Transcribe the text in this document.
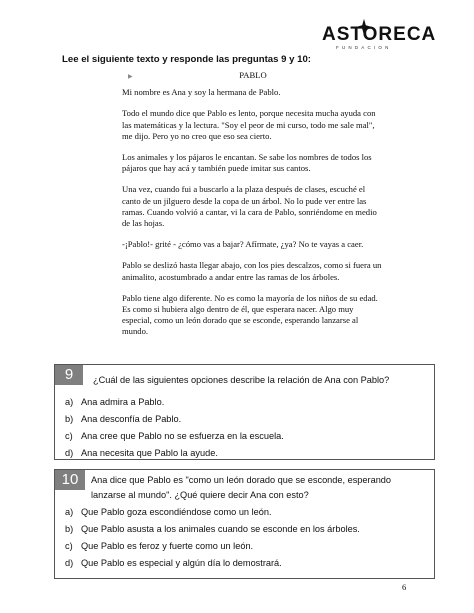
ASTORECA
FUNDACION
Lee el siguiente texto y responde las preguntas 9 y 10:
▶	PABLO

Mi nombre es Ana y soy la hermana de Pablo.

Todo el mundo dice que Pablo es lento, porque necesita mucha ayuda con las matemáticas y la lectura. "Soy el peor de mi curso, todo me sale mal", me dijo. Pero yo no creo que eso sea cierto.

Los animales y los pájaros le encantan. Se sabe los nombres de todos los pájaros que hay acá y también puede imitar sus cantos.

Una vez, cuando fui a buscarlo a la plaza después de clases, escuché el canto de un jilguero desde la copa de un árbol. No lo pude ver entre las ramas. Cuando volvió a cantar, vi la cara de Pablo, sonriéndome en medio de las hojas.

-¡Pablo!- grité - ¿cómo vas a bajar? Afírmate, ¿ya? No te vayas a caer.

Pablo se deslizó hasta llegar abajo, con los pies descalzos, como si fuera un animalito, acostumbrado a andar entre las ramas de los árboles.

Pablo tiene algo diferente. No es como la mayoría de los niños de su edad. Es como si hubiera algo dentro de él, que esperara nacer. Algo muy especial, como un león dorado que se esconde, esperando lanzarse al mundo.

9	¿Cuál de las siguientes opciones describe la relación de Ana con Pablo?
a) Ana admira a Pablo.
b) Ana desconfía de Pablo.
c) Ana cree que Pablo no se esfuerza en la escuela.
d) Ana necesita que Pablo la ayude.
10	Ana dice que Pablo es "como un león dorado que se esconde, esperando lanzarse al mundo". ¿Qué quiere decir Ana con esto?
a) Que Pablo goza escondiéndose como un león.
b) Que Pablo asusta a los animales cuando se esconde en los árboles.
c) Que Pablo es feroz y fuerte como un león.
d) Que Pablo es especial y algún día lo demostrará.
6
